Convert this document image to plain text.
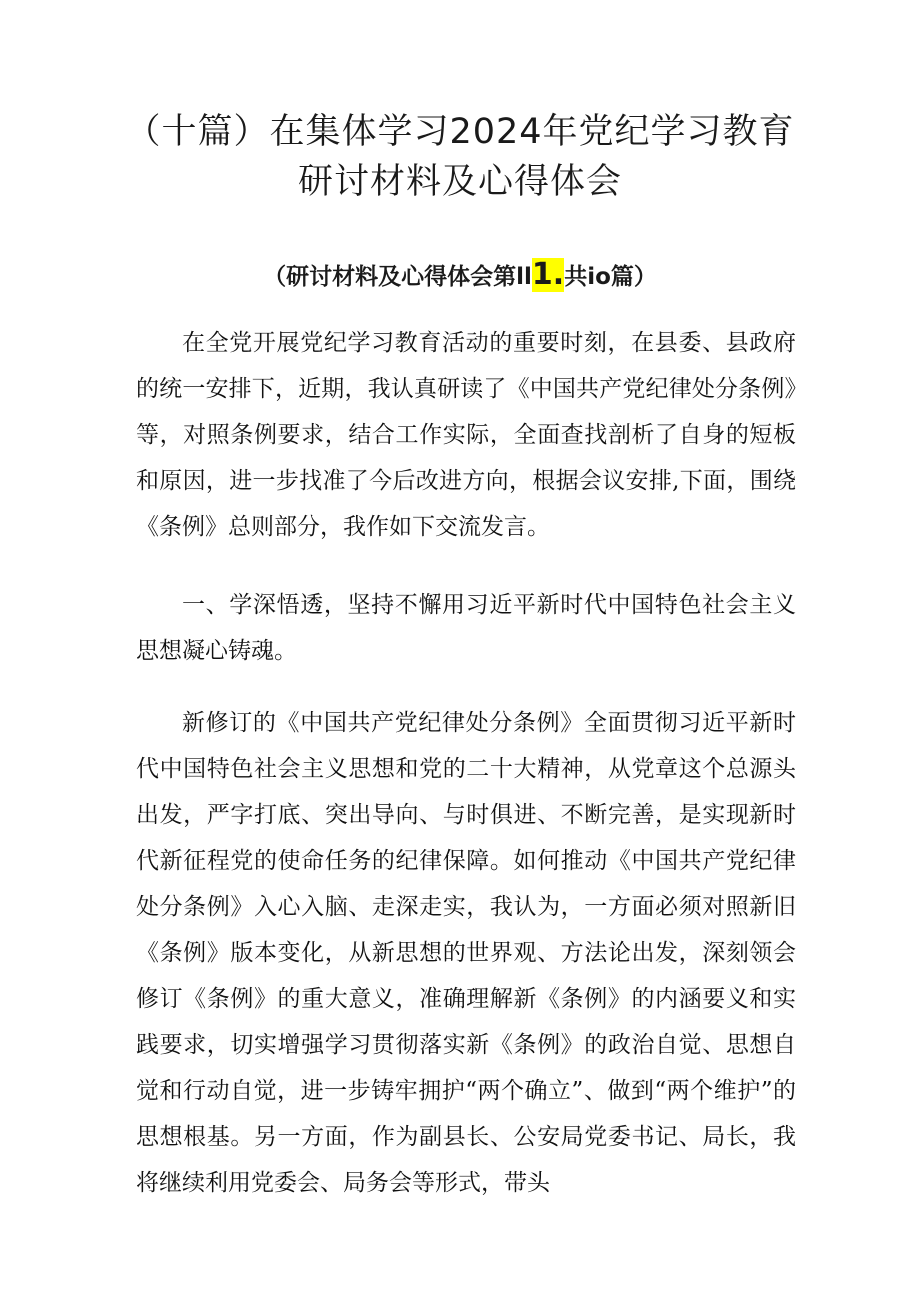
（十篇）在集体学习2024年党纪学习教育
研讨材料及心得体会
（研讨材料及心得体会第ll1.共io篇）

在全党开展党纪学习教育活动的重要时刻，在县委、县政府的统一安排下，近期，我认真研读了《中国共产党纪律处分条例》等，对照条例要求，结合工作实际，全面查找剖析了自身的短板和原因，进一步找准了今后改进方向，根据会议安排,下面，围绕《条例》总则部分，我作如下交流发言。

一、学深悟透，坚持不懈用习近平新时代中国特色社会主义思想凝心铸魂。

新修订的《中国共产党纪律处分条例》全面贯彻习近平新时代中国特色社会主义思想和党的二十大精神，从党章这个总源头出发，严字打底、突出导向、与时俱进、不断完善，是实现新时代新征程党的使命任务的纪律保障。如何推动《中国共产党纪律处分条例》入心入脑、走深走实，我认为，一方面必须对照新旧《条例》版本变化，从新思想的世界观、方法论出发，深刻领会修订《条例》的重大意义，准确理解新《条例》的内涵要义和实践要求，切实增强学习贯彻落实新《条例》的政治自觉、思想自觉和行动自觉，进一步铸牢拥护“两个确立”、做到“两个维护”的思想根基。另一方面，作为副县长、公安局党委书记、局长，我将继续利用党委会、局务会等形式，带头
